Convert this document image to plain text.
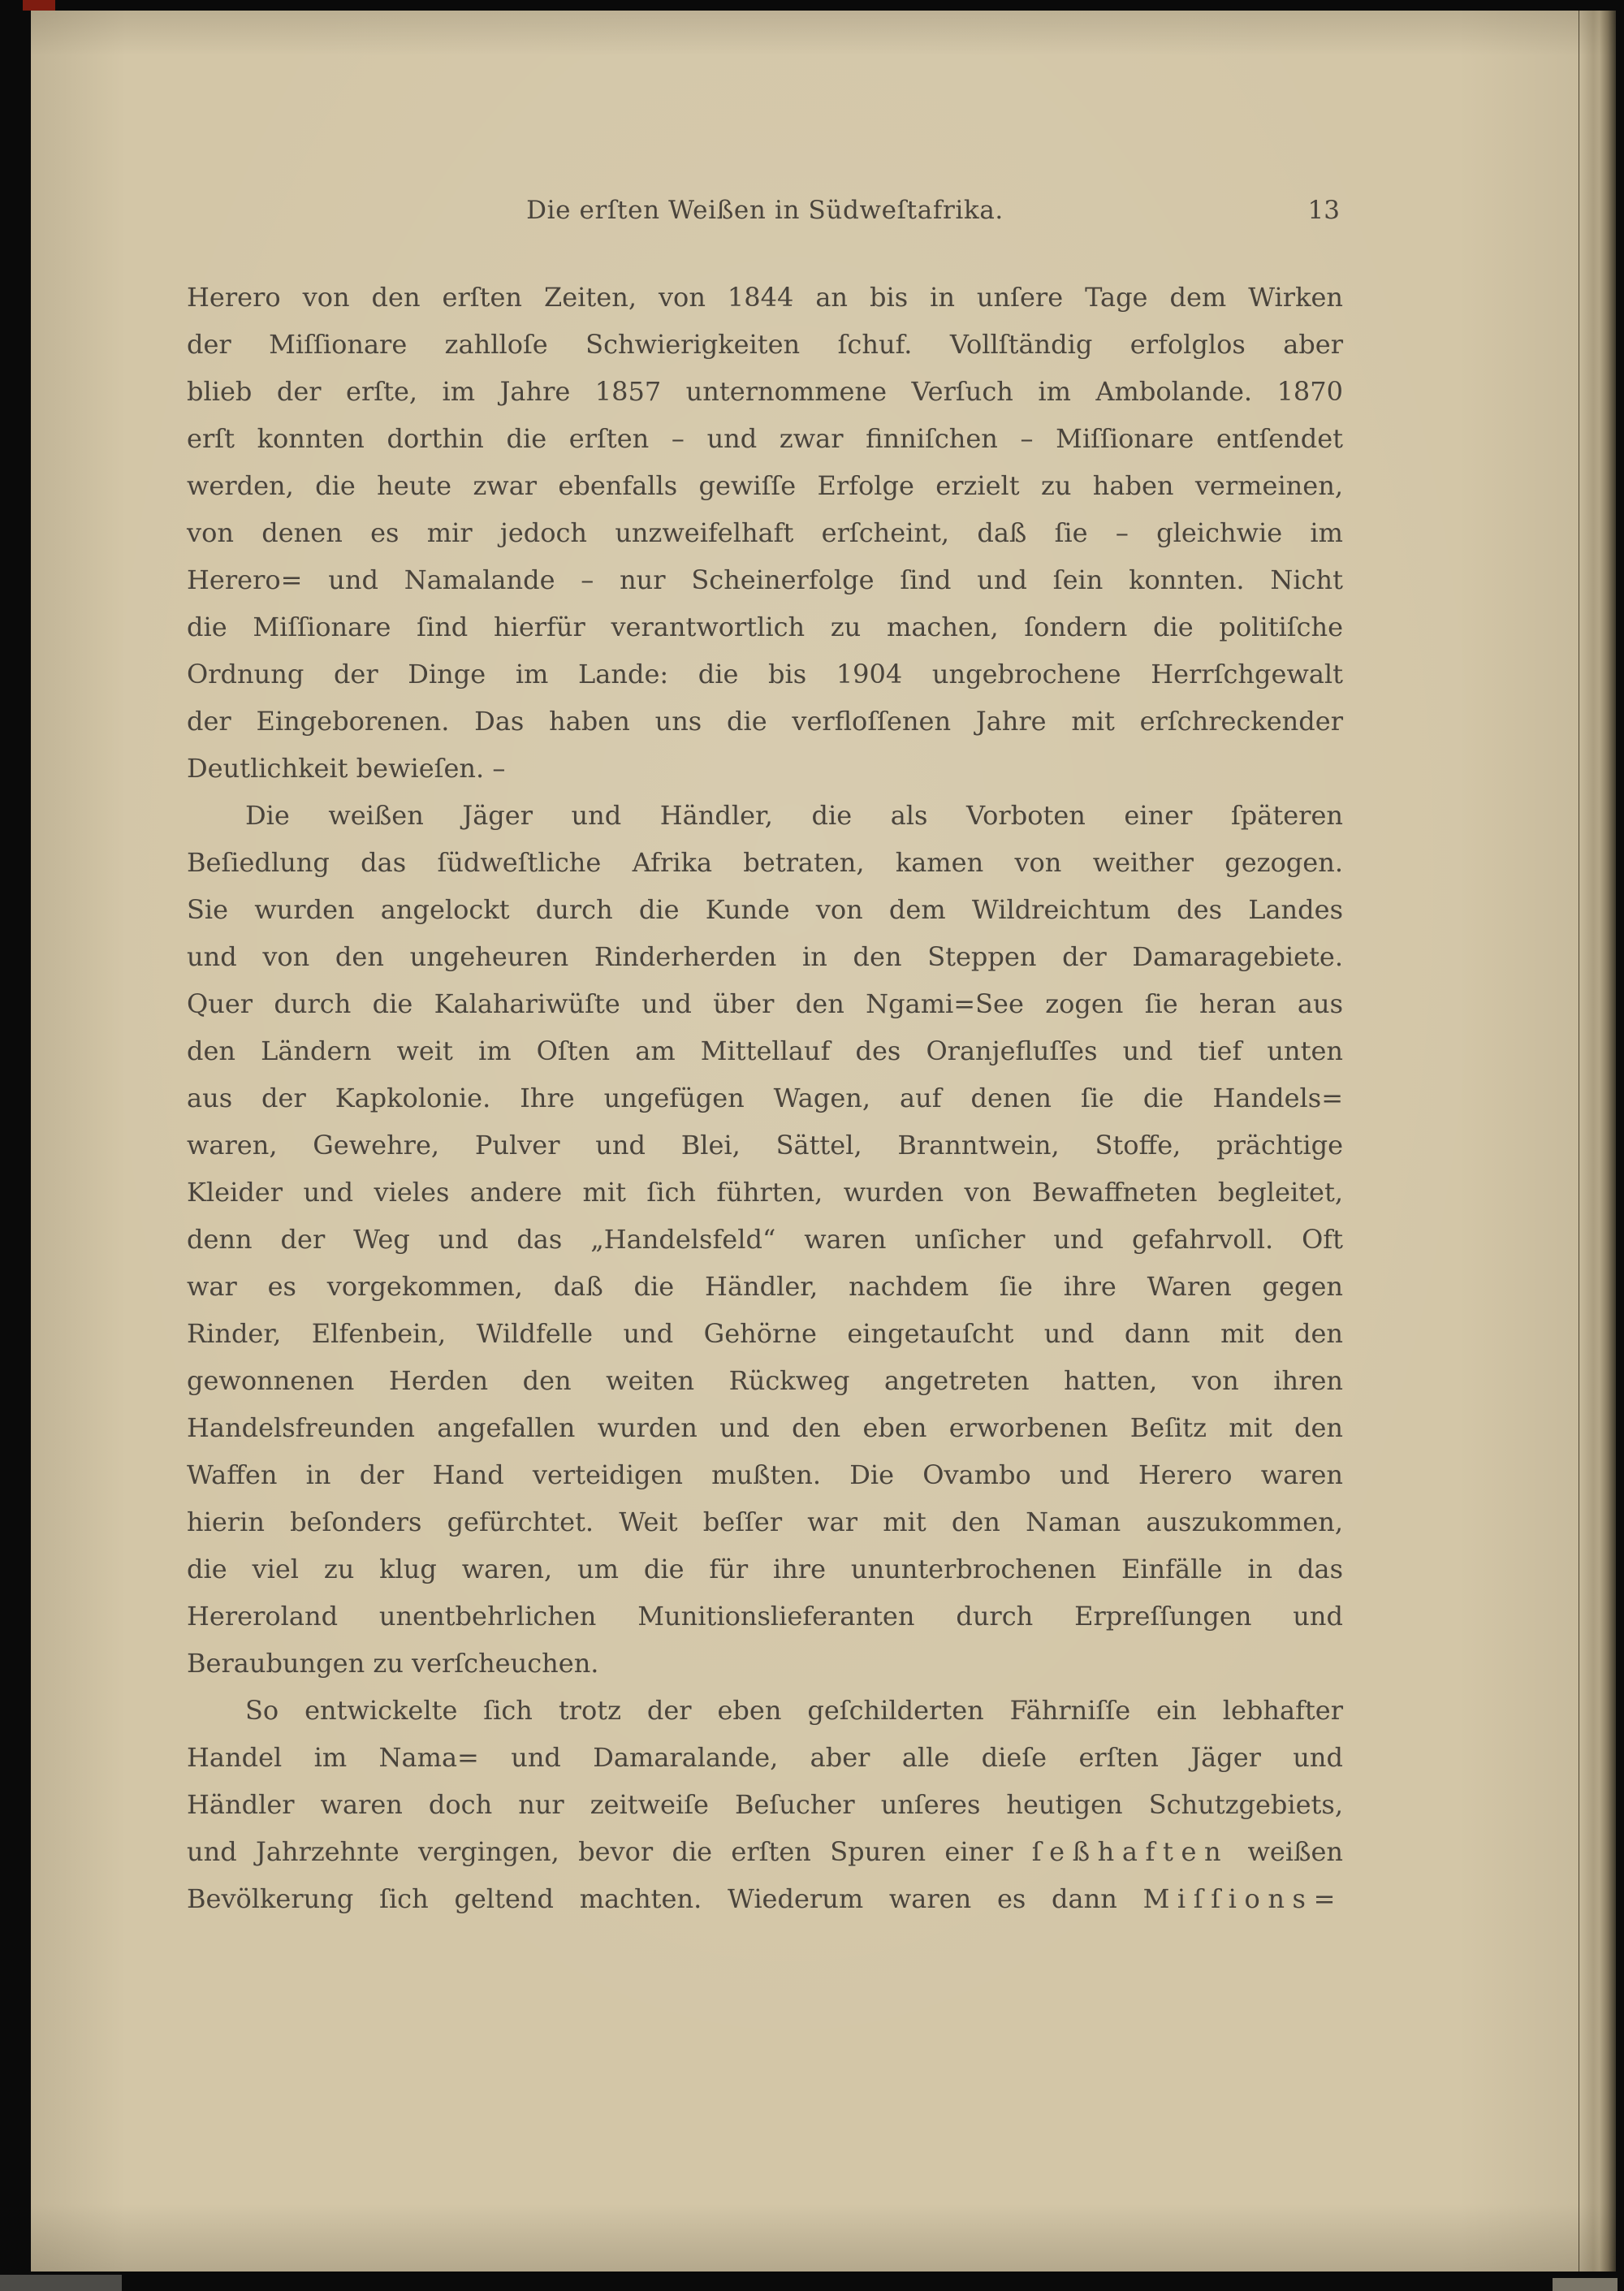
Die erſten Weißen in Südweſtafrika.	13

Herero von den erſten Zeiten, von 1844 an bis in unſere Tage dem Wirken
der Miſſionare zahlloſe Schwierigkeiten ſchuf. Vollſtändig erfolglos aber
blieb der erſte, im Jahre 1857 unternommene Verſuch im Ambolande. 1870
erſt konnten dorthin die erſten – und zwar finniſchen – Miſſionare entſendet
werden, die heute zwar ebenfalls gewiſſe Erfolge erzielt zu haben vermeinen,
von denen es mir jedoch unzweifelhaft erſcheint, daß ſie – gleichwie im
Herero= und Namalande – nur Scheinerfolge ſind und ſein konnten. Nicht
die Miſſionare ſind hierfür verantwortlich zu machen, ſondern die politiſche
Ordnung der Dinge im Lande: die bis 1904 ungebrochene Herrſchgewalt
der Eingeborenen. Das haben uns die verfloſſenen Jahre mit erſchreckender
Deutlichkeit bewieſen. –

Die weißen Jäger und Händler, die als Vorboten einer ſpäteren
Beſiedlung das ſüdweſtliche Afrika betraten, kamen von weither gezogen.
Sie wurden angelockt durch die Kunde von dem Wildreichtum des Landes
und von den ungeheuren Rinderherden in den Steppen der Damaragebiete.
Quer durch die Kalahariwüſte und über den Ngami=See zogen ſie heran aus
den Ländern weit im Oſten am Mittellauf des Oranjefluſſes und tief unten
aus der Kapkolonie. Ihre ungefügen Wagen, auf denen ſie die Handels=
waren, Gewehre, Pulver und Blei, Sättel, Branntwein, Stoffe, prächtige
Kleider und vieles andere mit ſich führten, wurden von Bewaffneten begleitet,
denn der Weg und das „Handelsfeld“ waren unſicher und gefahrvoll. Oft
war es vorgekommen, daß die Händler, nachdem ſie ihre Waren gegen
Rinder, Elfenbein, Wildfelle und Gehörne eingetauſcht und dann mit den
gewonnenen Herden den weiten Rückweg angetreten hatten, von ihren
Handelsfreunden angefallen wurden und den eben erworbenen Beſitz mit den
Waffen in der Hand verteidigen mußten. Die Ovambo und Herero waren
hierin beſonders gefürchtet. Weit beſſer war mit den Naman auszukommen,
die viel zu klug waren, um die für ihre ununterbrochenen Einfälle in das
Hereroland unentbehrlichen Munitionslieferanten durch Erpreſſungen und
Beraubungen zu verſcheuchen.

So entwickelte ſich trotz der eben geſchilderten Fährniſſe ein lebhafter
Handel im Nama= und Damaralande, aber alle dieſe erſten Jäger und
Händler waren doch nur zeitweiſe Beſucher unſeres heutigen Schutzgebiets,
und Jahrzehnte vergingen, bevor die erſten Spuren einer ſeßhaften weißen
Bevölkerung ſich geltend machten. Wiederum waren es dann Miſſions=
